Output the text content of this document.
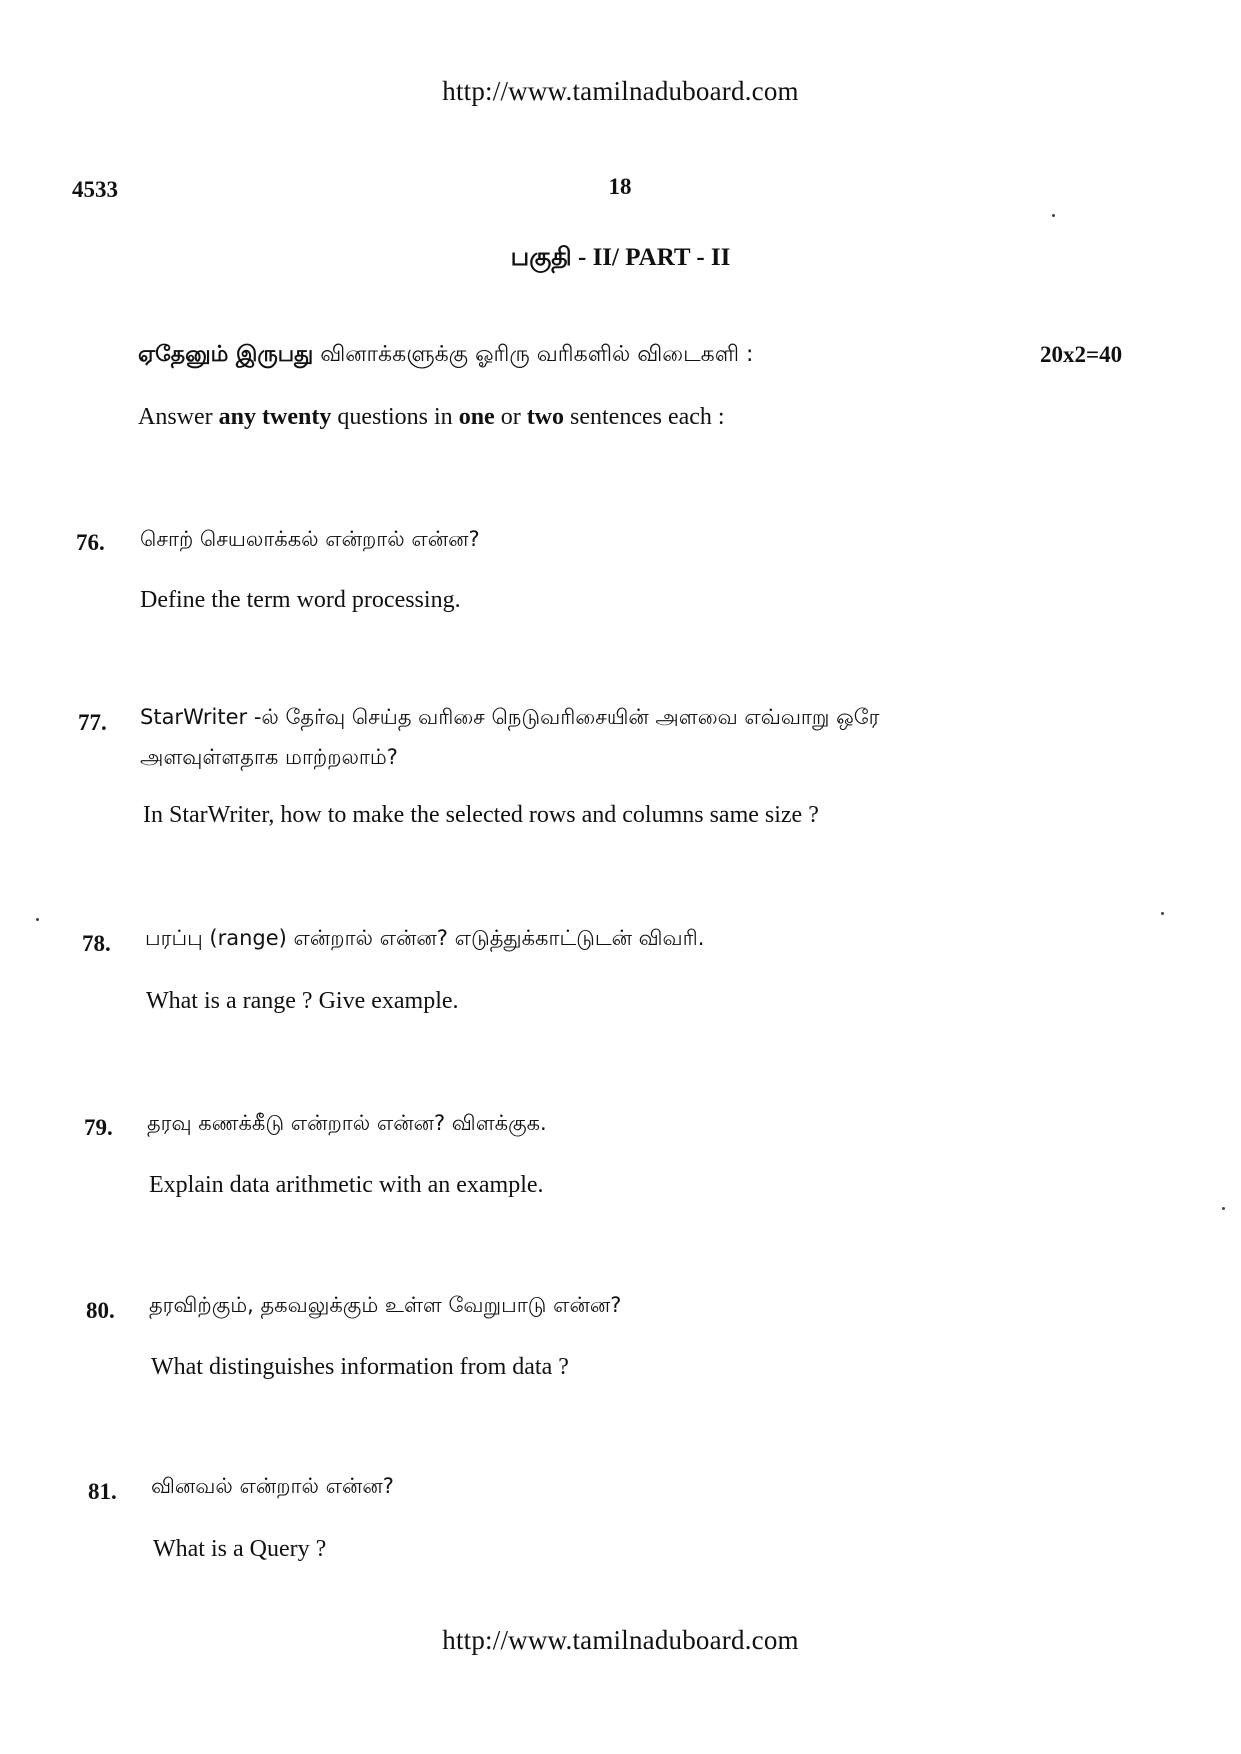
http://www.tamilnaduboard.com
4533	18
பகுதி - II/ PART - II
ஏதேனும் இருபது வினாக்களுக்கு ஓரிரு வரிகளில் விடைகளி :	20x2=40
Answer any twenty questions in one or two sentences each :
76. சொற் செயலாக்கல் என்றால் என்ன?
Define the term word processing.
77. StarWriter -ல் தேர்வு செய்த வரிசை நெடுவரிசையின் அளவை எவ்வாறு ஒரே
அளவுள்ளதாக மாற்றலாம்?
In StarWriter, how to make the selected rows and columns same size ?
78. பரப்பு (range) என்றால் என்ன? எடுத்துக்காட்டுடன் விவரி.
What is a range ? Give example.
79. தரவு கணக்கீடு என்றால் என்ன? விளக்குக.
Explain data arithmetic with an example.
80. தரவிற்கும், தகவலுக்கும் உள்ள வேறுபாடு என்ன?
What distinguishes information from data ?
81. வினவல் என்றால் என்ன?
What is a Query ?
http://www.tamilnaduboard.com
